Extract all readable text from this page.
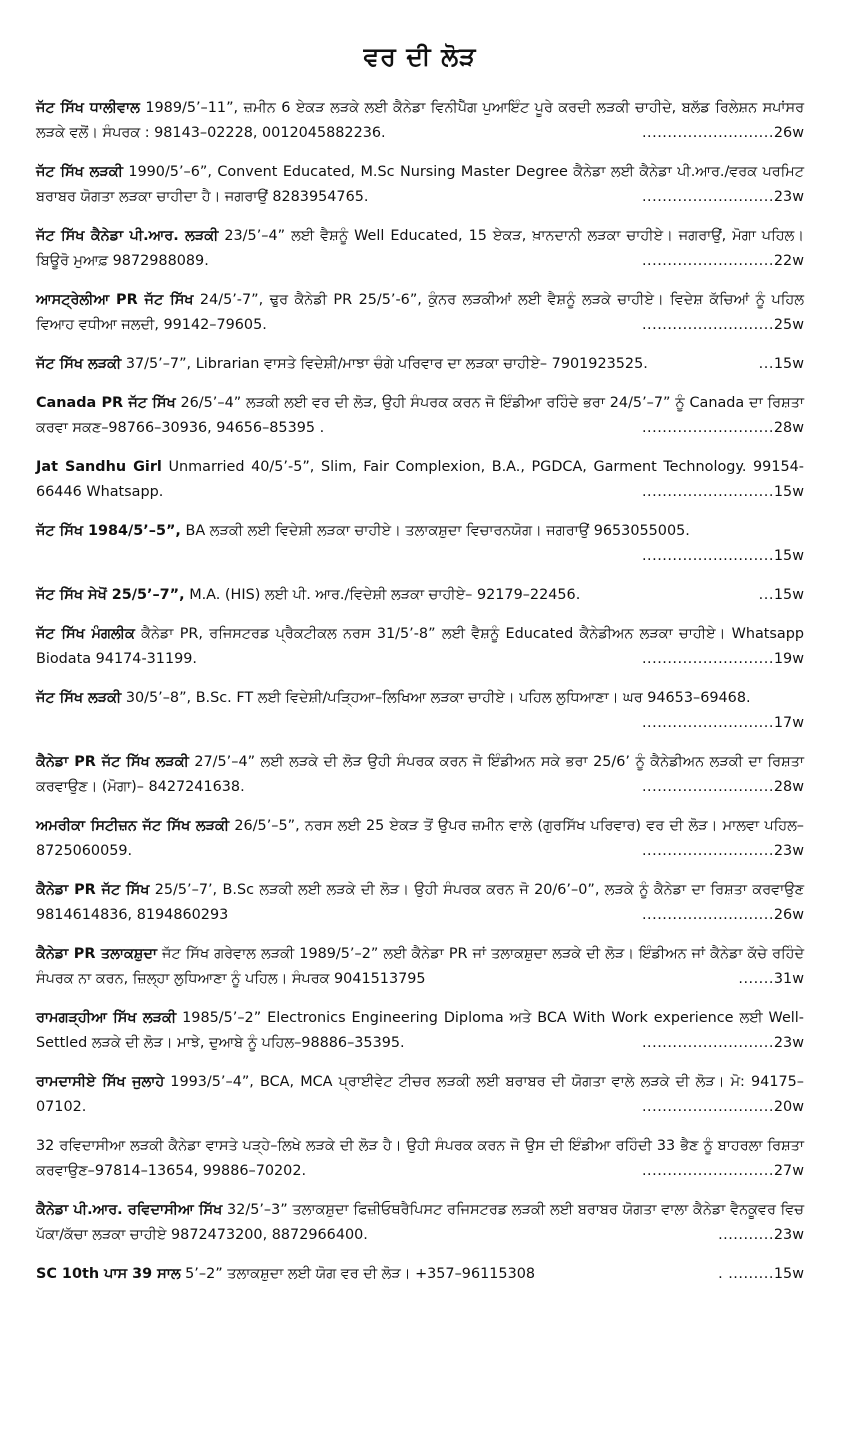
ਵਰ ਦੀ ਲੋੜ
ਜੱਟ ਸਿੱਖ ਧਾਲੀਵਾਲ 1989/5’–11”, ਜ਼ਮੀਨ 6 ਏਕੜ ਲੜਕੇ ਲਈ ਕੈਨੇਡਾ ਵਿਨੀਪੈੱਗ ਪੁਆਇੰਟ ਪੂਰੇ ਕਰਦੀ ਲੜਕੀ ਚਾਹੀਦੇ, ਬਲੱਡ ਰਿਲੇਸ਼ਨ ਸਪਾਂਸਰ ਲੜਕੇ ਵਲੋਂ। ਸੰਪਰਕ : 98143–02228, 0012045882236.	..........................26w
ਜੱਟ ਸਿੱਖ ਲੜਕੀ 1990/5’–6”, Convent Educated, M.Sc Nursing Master Degree ਕੈਨੇਡਾ ਲਈ ਕੈਨੇਡਾ ਪੀ.ਆਰ./ਵਰਕ ਪਰਮਿਟ ਬਰਾਬਰ ਯੋਗਤਾ ਲੜਕਾ ਚਾਹੀਦਾ ਹੈ। ਜਗਰਾਉਂ 8283954765.	..........................23w
ਜੱਟ ਸਿੱਖ ਕੈਨੇਡਾ ਪੀ.ਆਰ. ਲੜਕੀ 23/5’–4” ਲਈ ਵੈਸ਼ਨੂੰ Well Educated, 15 ਏਕੜ, ਖ਼ਾਨਦਾਨੀ ਲੜਕਾ ਚਾਹੀਏ। ਜਗਰਾਉਂ, ਮੋਗਾ ਪਹਿਲ। ਬਿਊਰੋ ਮੁਆਫ਼ 9872988089.	..........................22w
ਆਸਟ੍ਰੇਲੀਆ PR ਜੱਟ ਸਿੱਖ 24/5’-7”, ਢੁਰ ਕੈਨੇਡੀ PR 25/5’-6”, ਕੁੰਨਰ ਲੜਕੀਆਂ ਲਈ ਵੈਸ਼ਨੂੰ ਲੜਕੇ ਚਾਹੀਏ। ਵਿਦੇਸ਼ ਕੱਚਿਆਂ ਨੂੰ ਪਹਿਲ ਵਿਆਹ ਵਧੀਆ ਜਲਦੀ, 99142–79605.	..........................25w
ਜੱਟ ਸਿੱਖ ਲੜਕੀ 37/5’–7”, Librarian ਵਾਸਤੇ ਵਿਦੇਸ਼ੀ/ਮਾਝਾ ਚੰਗੇ ਪਰਿਵਾਰ ਦਾ ਲੜਕਾ ਚਾਹੀਏ– 7901923525.	...15w
Canada PR ਜੱਟ ਸਿੱਖ 26/5’–4” ਲੜਕੀ ਲਈ ਵਰ ਦੀ ਲੋੜ, ਉਹੀ ਸੰਪਰਕ ਕਰਨ ਜੋ ਇੰਡੀਆ ਰਹਿੰਦੇ ਭਰਾ 24/5’–7” ਨੂੰ Canada ਦਾ ਰਿਸ਼ਤਾ ਕਰਵਾ ਸਕਣ–98766–30936, 94656–85395 .	..........................28w
Jat Sandhu Girl Unmarried 40/5’-5”, Slim, Fair Complexion, B.A., PGDCA, Garment Technology. 99154-66446 Whatsapp.	..........................15w
ਜੱਟ ਸਿੱਖ 1984/5’–5”, BA ਲੜਕੀ ਲਈ ਵਿਦੇਸ਼ੀ ਲੜਕਾ ਚਾਹੀਏ। ਤਲਾਕਸ਼ੁਦਾ ਵਿਚਾਰਨਯੋਗ। ਜਗਰਾਉਂ 9653055005.
..........................15w
ਜੱਟ ਸਿੱਖ ਸੇਖੋਂ 25/5’–7”, M.A. (HIS) ਲਈ ਪੀ. ਆਰ./ਵਿਦੇਸ਼ੀ ਲੜਕਾ ਚਾਹੀਏ– 92179–22456.	...15w
ਜੱਟ ਸਿੱਖ ਮੰਗਲੀਕ ਕੈਨੇਡਾ PR, ਰਜਿਸਟਰਡ ਪ੍ਰੈਕਟੀਕਲ ਨਰਸ 31/5’-8” ਲਈ ਵੈਸ਼ਨੂੰ Educated ਕੈਨੇਡੀਅਨ ਲੜਕਾ ਚਾਹੀਏ। Whatsapp Biodata 94174-31199.	..........................19w
ਜੱਟ ਸਿੱਖ ਲੜਕੀ 30/5’–8”, B.Sc. FT ਲਈ ਵਿਦੇਸ਼ੀ/ਪੜ੍ਹਿਆ–ਲਿਖਿਆ ਲੜਕਾ ਚਾਹੀਏ। ਪਹਿਲ ਲੁਧਿਆਣਾ। ਘਰ 94653–69468.
..........................17w
ਕੈਨੇਡਾ PR ਜੱਟ ਸਿੱਖ ਲੜਕੀ 27/5’–4” ਲਈ ਲੜਕੇ ਦੀ ਲੋੜ ਉਹੀ ਸੰਪਰਕ ਕਰਨ ਜੋ ਇੰਡੀਅਨ ਸਕੇ ਭਰਾ 25/6’ ਨੂੰ ਕੈਨੇਡੀਅਨ ਲੜਕੀ ਦਾ ਰਿਸ਼ਤਾ ਕਰਵਾਉਣ। (ਮੋਗਾ)– 8427241638.	..........................28w
ਅਮਰੀਕਾ ਸਿਟੀਜ਼ਨ ਜੱਟ ਸਿੱਖ ਲੜਕੀ 26/5’–5”, ਨਰਸ ਲਈ 25 ਏਕੜ ਤੋਂ ਉਪਰ ਜ਼ਮੀਨ ਵਾਲੇ (ਗੁਰਸਿੱਖ ਪਰਿਵਾਰ) ਵਰ ਦੀ ਲੋੜ। ਮਾਲਵਾ ਪਹਿਲ– 8725060059.	..........................23w
ਕੈਨੇਡਾ PR ਜੱਟ ਸਿੱਖ 25/5’–7’, B.Sc ਲੜਕੀ ਲਈ ਲੜਕੇ ਦੀ ਲੋੜ। ਉਹੀ ਸੰਪਰਕ ਕਰਨ ਜੋ 20/6’–0”, ਲੜਕੇ ਨੂੰ ਕੈਨੇਡਾ ਦਾ ਰਿਸ਼ਤਾ ਕਰਵਾਉਣ 9814614836, 8194860293	..........................26w
ਕੈਨੇਡਾ PR ਤਲਾਕਸ਼ੁਦਾ ਜੱਟ ਸਿੱਖ ਗਰੇਵਾਲ ਲੜਕੀ 1989/5’–2” ਲਈ ਕੈਨੇਡਾ PR ਜਾਂ ਤਲਾਕਸ਼ੁਦਾ ਲੜਕੇ ਦੀ ਲੋੜ। ਇੰਡੀਅਨ ਜਾਂ ਕੈਨੇਡਾ ਕੱਚੇ ਰਹਿੰਦੇ ਸੰਪਰਕ ਨਾ ਕਰਨ, ਜ਼ਿਲ੍ਹਾ ਲੁਧਿਆਣਾ ਨੂੰ ਪਹਿਲ। ਸੰਪਰਕ 9041513795	.......31w
ਰਾਮਗੜ੍ਹੀਆ ਸਿੱਖ ਲੜਕੀ 1985/5’–2” Electronics Engineering Diploma ਅਤੇ BCA With Work experience ਲਈ Well-Settled ਲੜਕੇ ਦੀ ਲੋੜ। ਮਾਝੇ, ਦੁਆਬੇ ਨੂੰ ਪਹਿਲ–98886–35395.	..........................23w
ਰਾਮਦਾਸੀਏ ਸਿੱਖ ਜੁਲਾਹੇ 1993/5’–4”, BCA, MCA ਪ੍ਰਾਈਵੇਟ ਟੀਚਰ ਲੜਕੀ ਲਈ ਬਰਾਬਰ ਦੀ ਯੋਗਤਾ ਵਾਲੇ ਲੜਕੇ ਦੀ ਲੋੜ। ਮੋ: 94175–07102.	..........................20w
32 ਰਵਿਦਾਸੀਆ ਲੜਕੀ ਕੈਨੇਡਾ ਵਾਸਤੇ ਪੜ੍ਹੇ–ਲਿਖੇ ਲੜਕੇ ਦੀ ਲੋੜ ਹੈ। ਉਹੀ ਸੰਪਰਕ ਕਰਨ ਜੋ ਉਸ ਦੀ ਇੰਡੀਆ ਰਹਿੰਦੀ 33 ਭੈਣ ਨੂੰ ਬਾਹਰਲਾ ਰਿਸ਼ਤਾ ਕਰਵਾਉਣ–97814–13654, 99886–70202.	..........................27w
ਕੈਨੇਡਾ ਪੀ.ਆਰ. ਰਵਿਦਾਸੀਆ ਸਿੱਖ 32/5’–3” ਤਲਾਕਸ਼ੁਦਾ ਫਿਜ਼ੀਓਥਰੈਪਿਸਟ ਰਜਿਸਟਰਡ ਲੜਕੀ ਲਈ ਬਰਾਬਰ ਯੋਗਤਾ ਵਾਲਾ ਕੈਨੇਡਾ ਵੈਨਕੂਵਰ ਵਿਚ ਪੱਕਾ/ਕੱਚਾ ਲੜਕਾ ਚਾਹੀਏ 9872473200, 8872966400.	...........23w
SC 10th ਪਾਸ 39 ਸਾਲ 5’–2” ਤਲਾਕਸ਼ੁਦਾ ਲਈ ਯੋਗ ਵਰ ਦੀ ਲੋੜ। +357–96115308	. .........15w
